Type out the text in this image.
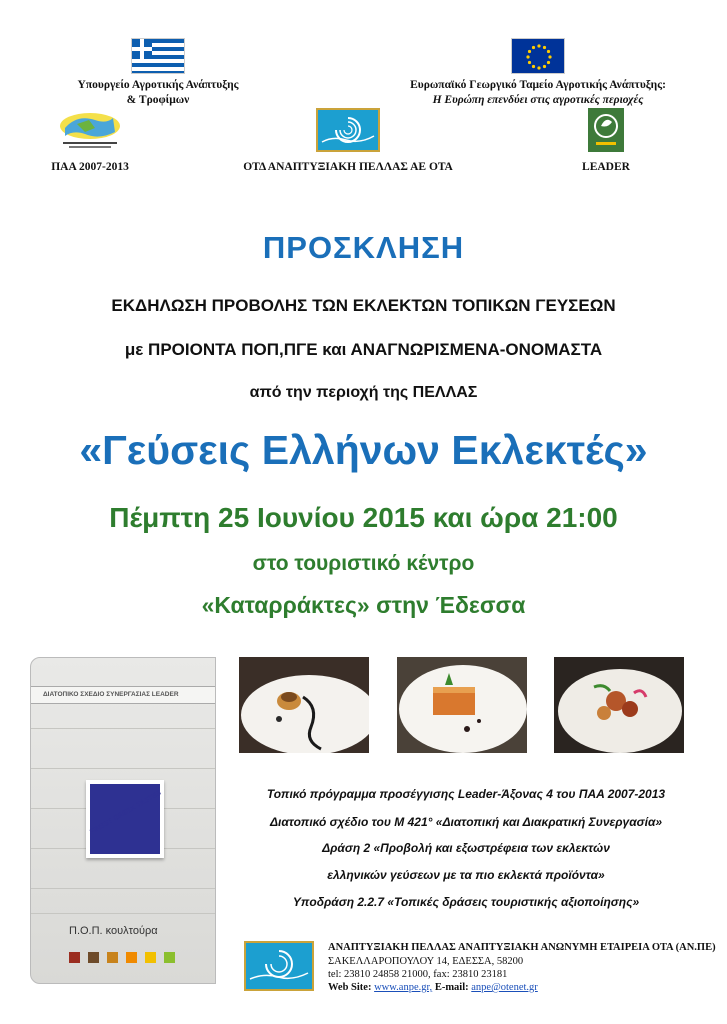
Υπουργείο Αγροτικής Ανάπτυξης
& Τροφίμων
Ευρωπαϊκό Γεωργικό Ταμείο Αγροτικής Ανάπτυξης:
Η Ευρώπη επενδύει στις αγροτικές περιοχές
ΠΑΑ 2007-2013	ΟΤΔ ΑΝΑΠΤΥΞΙΑΚΗ ΠΕΛΛΑΣ ΑΕ ΟΤΑ	LEADER
ΠΡΟΣΚΛΗΣΗ
ΕΚΔΗΛΩΣΗ ΠΡΟΒΟΛΗΣ ΤΩΝ ΕΚΛΕΚΤΩΝ ΤΟΠΙΚΩΝ ΓΕΥΣΕΩΝ
με ΠΡΟΙΟΝΤΑ ΠΟΠ,ΠΓΕ και ΑΝΑΓΝΩΡΙΣΜΕΝΑ-ΟΝΟΜΑΣΤΑ
από την περιοχή της ΠΕΛΛΑΣ
«Γεύσεις Ελλήνων Εκλεκτές»
Πέμπτη 25 Ιουνίου 2015 και ώρα 21:00
στο τουριστικό κέντρο
«Καταρράκτες» στην Έδεσσα
ΔΙΑΤΟΠΙΚΟ ΣΧΕΔΙΟ ΣΥΝΕΡΓΑΣΙΑΣ LEADER
FINEST GREEK TASTES
Π.Ο.Π. κουλτούρα
Τοπικό πρόγραμμα προσέγγισης Leader-Άξονας 4 του ΠΑΑ 2007-2013
Διατοπικό σχέδιο του Μ 421° «Διατοπική και Διακρατική Συνεργασία»
Δράση 2 «Προβολή και εξωστρέφεια των εκλεκτών
ελληνικών γεύσεων με τα πιο εκλεκτά προϊόντα»
Υποδράση 2.2.7 «Τοπικές δράσεις τουριστικής αξιοποίησης»
ΑΝΑΠΤΥΞΙΑΚΗ ΠΕΛΛΑΣ ΑΝΑΠΤΥΞΙΑΚΗ ΑΝΩΝΥΜΗ ΕΤΑΙΡΕΙΑ ΟΤΑ (ΑΝ.ΠΕ)
ΣΑΚΕΛΛΑΡΟΠΟΥΛΟΥ 14, ΕΔΕΣΣΑ, 58200
tel: 23810 24858 21000, fax: 23810 23181
Web Site: www.anpe.gr, E-mail: anpe@otenet.gr
